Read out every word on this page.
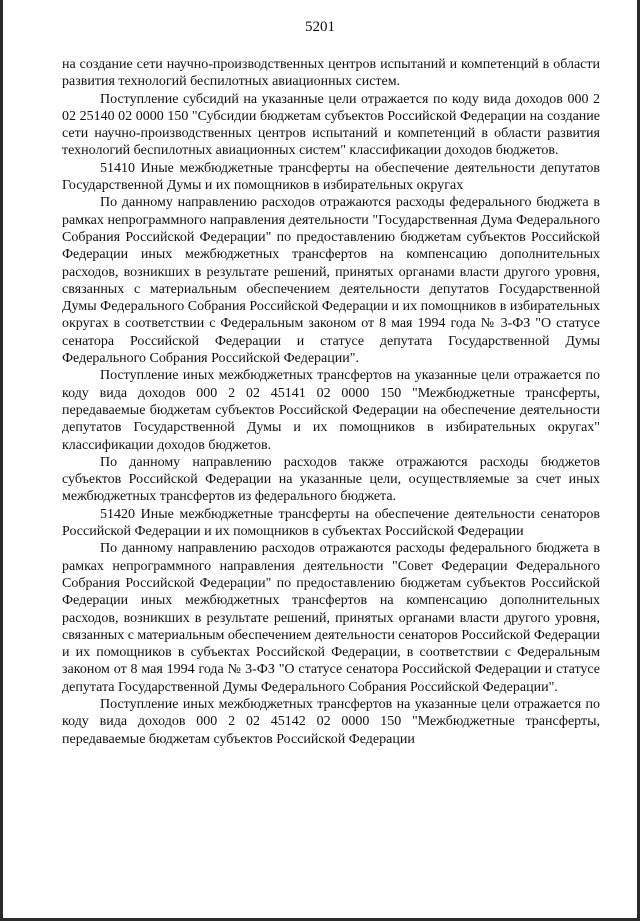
5201

на создание сети научно-производственных центров испытаний и компетенций в области развития технологий беспилотных авиационных систем.

Поступление субсидий на указанные цели отражается по коду вида доходов 000 2 02 25140 02 0000 150 "Субсидии бюджетам субъектов Российской Федерации на создание сети научно-производственных центров испытаний и компетенций в области развития технологий беспилотных авиационных систем" классификации доходов бюджетов.

51410 Иные межбюджетные трансферты на обеспечение деятельности депутатов Государственной Думы и их помощников в избирательных округах

По данному направлению расходов отражаются расходы федерального бюджета в рамках непрограммного направления деятельности "Государственная Дума Федерального Собрания Российской Федерации" по предоставлению бюджетам субъектов Российской Федерации иных межбюджетных трансфертов на компенсацию дополнительных расходов, возникших в результате решений, принятых органами власти другого уровня, связанных с материальным обеспечением деятельности депутатов Государственной Думы Федерального Собрания Российской Федерации и их помощников в избирательных округах в соответствии с Федеральным законом от 8 мая 1994 года № 3-ФЗ "О статусе сенатора Российской Федерации и статусе депутата Государственной Думы Федерального Собрания Российской Федерации".

Поступление иных межбюджетных трансфертов на указанные цели отражается по коду вида доходов 000 2 02 45141 02 0000 150 "Межбюджетные трансферты, передаваемые бюджетам субъектов Российской Федерации на обеспечение деятельности депутатов Государственной Думы и их помощников в избирательных округах" классификации доходов бюджетов.

По данному направлению расходов также отражаются расходы бюджетов субъектов Российской Федерации на указанные цели, осуществляемые за счет иных межбюджетных трансфертов из федерального бюджета.

51420 Иные межбюджетные трансферты на обеспечение деятельности сенаторов Российской Федерации и их помощников в субъектах Российской Федерации

По данному направлению расходов отражаются расходы федерального бюджета в рамках непрограммного направления деятельности "Совет Федерации Федерального Собрания Российской Федерации" по предоставлению бюджетам субъектов Российской Федерации иных межбюджетных трансфертов на компенсацию дополнительных расходов, возникших в результате решений, принятых органами власти другого уровня, связанных с материальным обеспечением деятельности сенаторов Российской Федерации и их помощников в субъектах Российской Федерации, в соответствии с Федеральным законом от 8 мая 1994 года № 3-ФЗ "О статусе сенатора Российской Федерации и статусе депутата Государственной Думы Федерального Собрания Российской Федерации".

Поступление иных межбюджетных трансфертов на указанные цели отражается по коду вида доходов 000 2 02 45142 02 0000 150 "Межбюджетные трансферты, передаваемые бюджетам субъектов Российской Федерации
